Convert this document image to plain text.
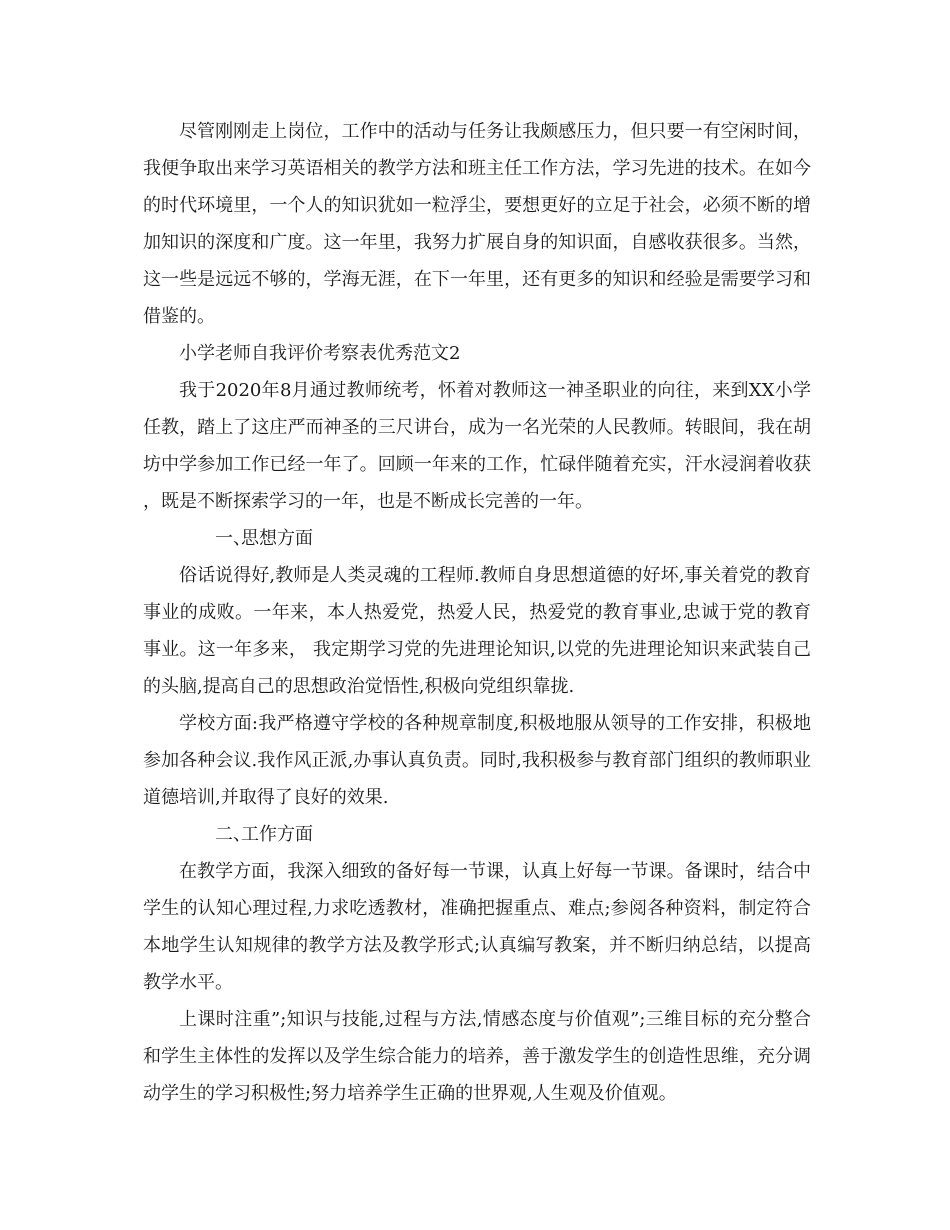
尽管刚刚走上岗位，工作中的活动与任务让我颇感压力，但只要一有空闲时间，我便争取出来学习英语相关的教学方法和班主任工作方法，学习先进的技术。在如今的时代环境里，一个人的知识犹如一粒浮尘，要想更好的立足于社会，必须不断的增加知识的深度和广度。这一年里，我努力扩展自身的知识面，自感收获很多。当然，这一些是远远不够的，学海无涯，在下一年里，还有更多的知识和经验是需要学习和借鉴的。

小学老师自我评价考察表优秀范文2

我于2020年8月通过教师统考，怀着对教师这一神圣职业的向往，来到XX小学任教，踏上了这庄严而神圣的三尺讲台，成为一名光荣的人民教师。转眼间，我在胡坊中学参加工作已经一年了。回顾一年来的工作，忙碌伴随着充实，汗水浸润着收获，既是不断探索学习的一年，也是不断成长完善的一年。

一、思想方面

俗话说得好,教师是人类灵魂的工程师.教师自身思想道德的好坏,事关着党的教育事业的成败。一年来，本人热爱党，热爱人民，热爱党的教育事业,忠诚于党的教育事业。这一年多来， 我定期学习党的先进理论知识,以党的先进理论知识来武装自己的头脑,提高自己的思想政治觉悟性,积极向党组织靠拢.

学校方面:我严格遵守学校的各种规章制度,积极地服从领导的工作安排，积极地参加各种会议.我作风正派,办事认真负责。同时,我积极参与教育部门组织的教师职业道德培训,并取得了良好的效果.

二、工作方面

在教学方面，我深入细致的备好每一节课，认真上好每一节课。备课时，结合中学生的认知心理过程,力求吃透教材，准确把握重点、难点;参阅各种资料，制定符合本地学生认知规律的教学方法及教学形式;认真编写教案，并不断归纳总结，以提高教学水平。

上课时注重”;知识与技能,过程与方法,情感态度与价值观”;三维目标的充分整合和学生主体性的发挥以及学生综合能力的培养，善于激发学生的创造性思维，充分调动学生的学习积极性;努力培养学生正确的世界观,人生观及价值观。
